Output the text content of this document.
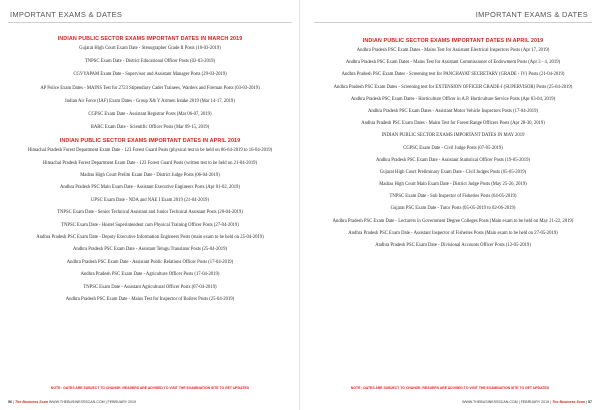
IMPORTANT EXAMS & DATES
INDIAN PUBLIC SECTOR EXAMS IMPORTANT DATES IN MARCH 2019

Gujarat High Court Exam Date - Stenographer Grade II Posts (10-03-2019)

TNPSC Exam Date - District Educational Officer Posts (02-03-2019)

CGVYAPAM Exam Date - Supervisor and Assistant Manager Posts (29-03-2019)

AP Police Exam Dates - MAINS Test for 2723 Stipendiary Cadet Trainees, Warders and Fireman Posts (03-03-2019)

Indian Air Force (IAF) Exam Dates - Group X& Y Airmen Intake 2019 (Mar 14-17, 2019)

CGPSC Exam Date - Assistant Registrar Posts (Mar 06-07, 2019)

BARC Exam Date - Scientific Officer Posts (Mar 09-15, 2019)

INDIAN PUBLIC SECTOR EXAMS IMPORTANT DATES IN APRIL 2019

Himachal Pradesh Forest Department Exam Date - 123 Forest Guard Posts (physical test to be held on 06-04-2019 to 16-04-2019)

Himachal Pradesh Forest Department Exam Date - 123 Forest Guard Posts (written test to be held on 21-04-2019)

Madras High Court Prelim Exam Date - District Judge Posts (06-04-2019)

Andhra Pradesh PSC Main Exam Date - Assistant Executive Engineers Posts (Apr 01-02, 2019)

UPSC Exam Date - NDA and NAE I Exam 2019 (21-04-2019)

TNPSC Exam Date - Senior Technical Assistant and Junior Technical Assistant Posts (20-04-2019)

TNPSC Exam Date - Hostel Superintendent cum Physical Training Officer Posts (27-04-2019)

Andhra Pradesh PSC Exam Date - Deputy Executive Information Engineers Posts (main exam to be held on 25-04-2019)

Andhra Pradesh PSC Exam Date - Assistant Telugu Translator Posts (25-04-2019)

Andhra Pradesh PSC Exam Date - Assistant Public Relations Officer Posts (17-04-2019)

Andhra Pradesh PSC Exam Date - Agriculture Officer Posts (17-04-2019)

TNPSC Exam Date - Assistant Agricultural Officer Posts (07-04-2019)

Andhra Pradesh PSC Exam Date - Mains Test for Inspector of Boilers Posts (25-04-2019)

NOTE : DATES ARE SUBJECT TO CHANGE. READERS ARE ADVISED TO VISIT THE EXAMINATION SITE TO GET UPDATED
56 | The Business Scan WWW.THEBUSINESSSCAN.COM | FEBRUARY 2019
IMPORTANT EXAMS & DATES
INDIAN PUBLIC SECTOR EXAMS IMPORTANT DATES IN APRIL 2019

Andhra Pradesh PSC Exam Dates - Mains Test for Assistant Electrical Inspectors Posts (Apr 17, 2019)

Andhra Pradesh PSC Exam Dates - Mains Test for Assistant Commissioner of Endowment Posts (Apr 3 - 4, 2019)

Andhra Pradesh PSC Exam Dates - Screening test for PANCHAYAT SECRETARY (GRADE - IV) Posts (21-04-2019)

Andhra Pradesh PSC Exam Dates - Screening test for EXTENSION OFFICER GRADE-I (SUPERVISOR) Posts (25-04-2019)

Andhra Pradesh PSC Exam Dates - Horticulture Officer in A.P. Horticulture Service Posts (Apr 03-04, 2019)

Andhra Pradesh PSC Exam Dates - Assistant Motor Vehicle Inspectors Posts (17-04-2019)

Andhra Pradesh PSC Exam Dates - Mains Test for Forest Range Officers Posts (Apr 28-30, 2019)

INDIAN PUBLIC SECTOR EXAMS IMPORTANT DATES IN MAY 2019

CGPSC Exam Date - Civil Judge Posts (07-05-2019)

Andhra Pradesh PSC Exam Date - Assistant Statistical Officer Posts (19-05-2019)

Gujarat High Court Preliminary Exam Date - Civil Judges Posts (05-05-2019)

Madras High Court Main Exam Date - District Judge Posts (May 25-26, 2019)

TNPSC Exam Date - Sub Inspector of Fisheries Posts (04-05-2019)

Gujarat PSC Exam Date - Tutor Posts (05-05-2019 to 02-06-2019)

Andhra Pradesh PSC Exam Date - Lecturers in Government Degree Colleges Posts (Main exam to be held on May 21-22, 2019)

Andhra Pradesh PSC Exam Date - Assistant Inspector of Fisheries Posts (Main exam to be held on 27-05-2019)

Andhra Pradesh PSC Exam Date - Divisional Accounts Officer Posts (12-05-2019)

NOTE : DATES ARE SUBJECT TO CHANGE. READERS ARE ADVISED TO VISIT THE EXAMINATION SITE TO GET UPDATED
WWW.THEBUSINESSSCAN.COM | FEBRUARY 2019 | The Business Scan | 57
